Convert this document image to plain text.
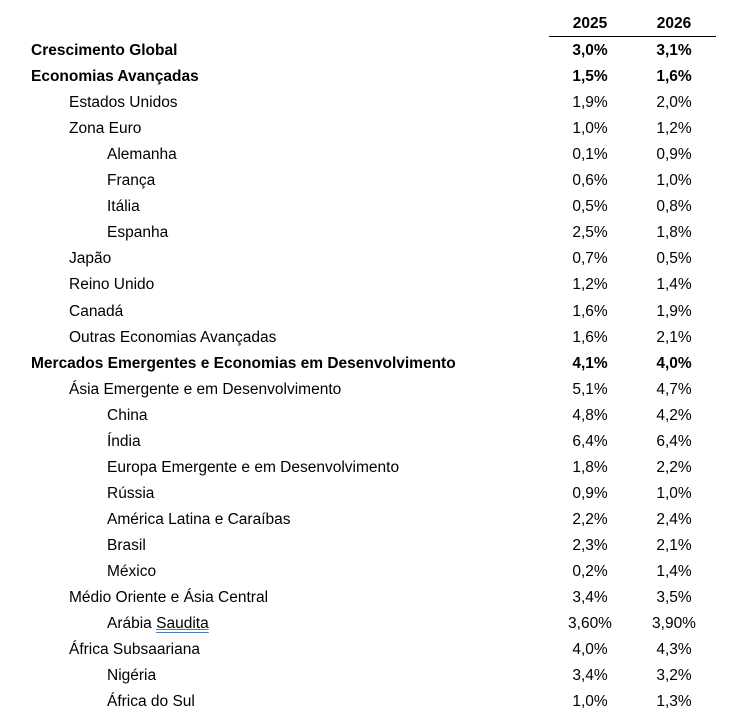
2025	2026
Crescimento Global	3,0%	3,1%
Economias Avançadas	1,5%	1,6%
Estados Unidos	1,9%	2,0%
Zona Euro	1,0%	1,2%
Alemanha	0,1%	0,9%
França	0,6%	1,0%
Itália	0,5%	0,8%
Espanha	2,5%	1,8%
Japão	0,7%	0,5%
Reino Unido	1,2%	1,4%
Canadá	1,6%	1,9%
Outras Economias Avançadas	1,6%	2,1%
Mercados Emergentes e Economias em Desenvolvimento	4,1%	4,0%
Ásia Emergente e em Desenvolvimento	5,1%	4,7%
China	4,8%	4,2%
Índia	6,4%	6,4%
Europa Emergente e em Desenvolvimento	1,8%	2,2%
Rússia	0,9%	1,0%
América Latina e Caraíbas	2,2%	2,4%
Brasil	2,3%	2,1%
México	0,2%	1,4%
Médio Oriente e Ásia Central	3,4%	3,5%
Arábia Saudita	3,60%	3,90%
África Subsaariana	4,0%	4,3%
Nigéria	3,4%	3,2%
África do Sul	1,0%	1,3%
